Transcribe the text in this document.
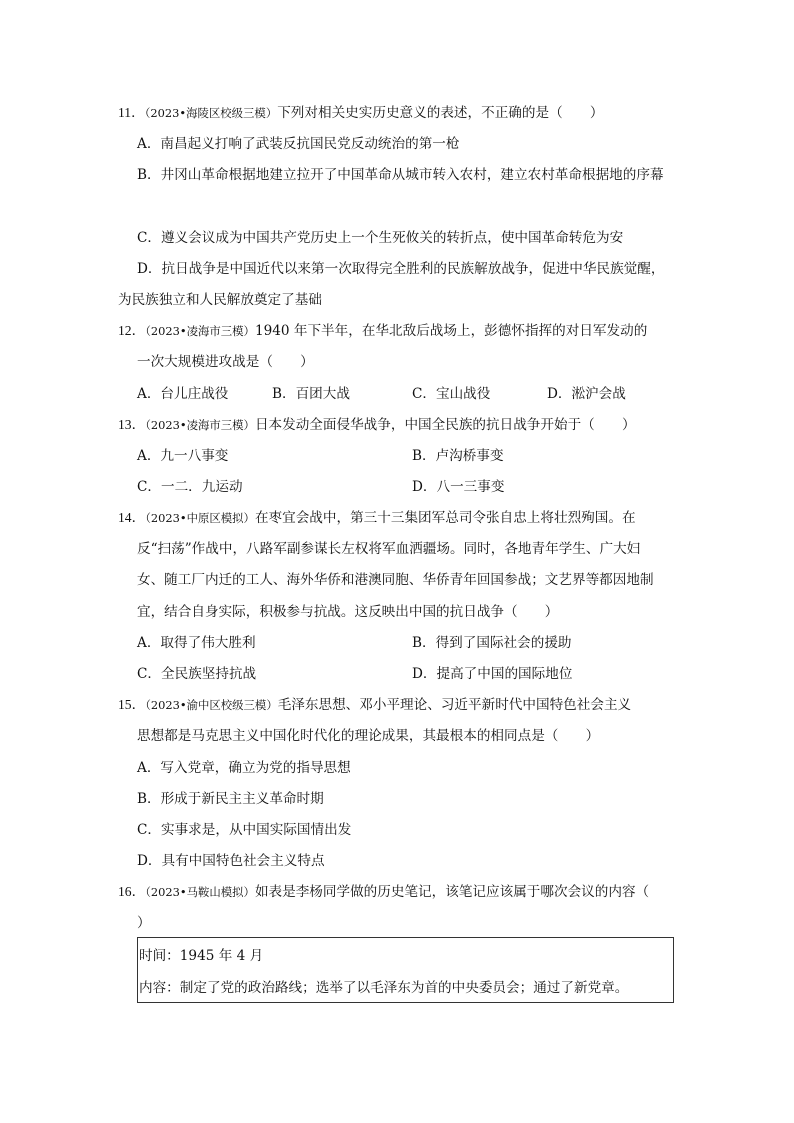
11．（2023•海陵区校级三模）下列对相关史实历史意义的表述，不正确的是（　　）
A．南昌起义打响了武装反抗国民党反动统治的第一枪
B．井冈山革命根据地建立拉开了中国革命从城市转入农村，建立农村革命根据地的序幕
C．遵义会议成为中国共产党历史上一个生死攸关的转折点，使中国革命转危为安
D．抗日战争是中国近代以来第一次取得完全胜利的民族解放战争，促进中华民族觉醒，
为民族独立和人民解放奠定了基础
12．（2023•凌海市三模）1940 年下半年，在华北敌后战场上，彭德怀指挥的对日军发动的
一次大规模进攻战是（　　）
A．台儿庄战役	B．百团大战	C．宝山战役	D．淞沪会战
13．（2023•凌海市三模）日本发动全面侵华战争，中国全民族的抗日战争开始于（　　）
A．九一八事变	B．卢沟桥事变
C．一二．九运动	D．八一三事变
14．（2023•中原区模拟）在枣宜会战中，第三十三集团军总司令张自忠上将壮烈殉国。在
反“扫荡”作战中，八路军副参谋长左权将军血洒疆场。同时，各地青年学生、广大妇
女、随工厂内迁的工人、海外华侨和港澳同胞、华侨青年回国参战；文艺界等都因地制
宜，结合自身实际，积极参与抗战。这反映出中国的抗日战争（　　）
A．取得了伟大胜利	B．得到了国际社会的援助
C．全民族坚持抗战	D．提高了中国的国际地位
15．（2023•渝中区校级三模）毛泽东思想、邓小平理论、习近平新时代中国特色社会主义
思想都是马克思主义中国化时代化的理论成果，其最根本的相同点是（　　）
A．写入党章，确立为党的指导思想
B．形成于新民主主义革命时期
C．实事求是，从中国实际国情出发
D．具有中国特色社会主义特点
16．（2023•马鞍山模拟）如表是李杨同学做的历史笔记，该笔记应该属于哪次会议的内容（
）
时间：1945 年 4 月
内容：制定了党的政治路线；选举了以毛泽东为首的中央委员会；通过了新党章。
